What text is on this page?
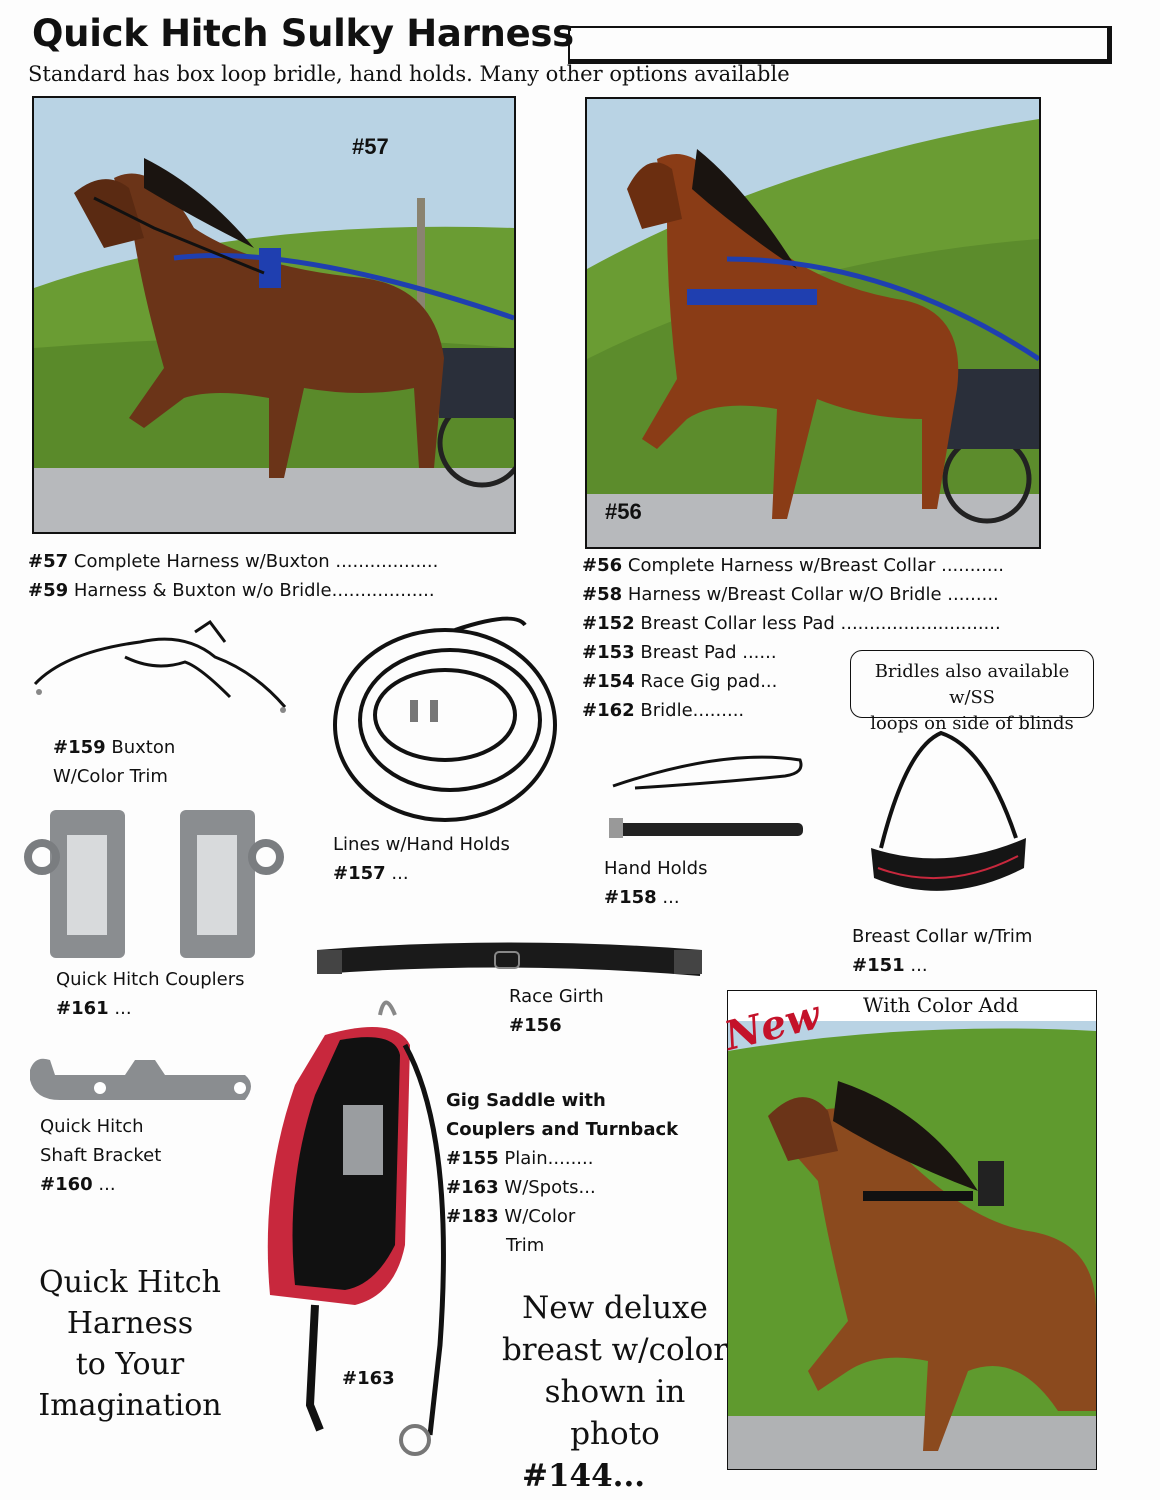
Quick Hitch Sulky Harness
Standard has box loop bridle, hand holds. Many other options available
#57
#56
#57 Complete Harness w/Buxton ..................
#59 Harness & Buxton w/o Bridle..................
#56 Complete Harness w/Breast Collar ...........
#58 Harness w/Breast Collar w/O Bridle .........
#152 Breast Collar less Pad ............................
#153 Breast Pad ......
#154 Race Gig pad...
#162 Bridle.........
Bridles also available w/SS
loops on side of blinds
#159 Buxton
W/Color Trim
Lines w/Hand Holds
#157 ...	Hand Holds
#158 ...
Breast Collar w/Trim
#151 ...
Quick Hitch Couplers
#161 ...
Race Girth
#156
Quick Hitch
Shaft Bracket
#160 ...
#163
Gig Saddle with
Couplers and Turnback
#155 Plain........
#163 W/Spots...
#183 W/Color
Trim
Quick Hitch
Harness
to Your
Imagination
New deluxe
breast w/color
shown in photo
#144...
With Color Add
New
